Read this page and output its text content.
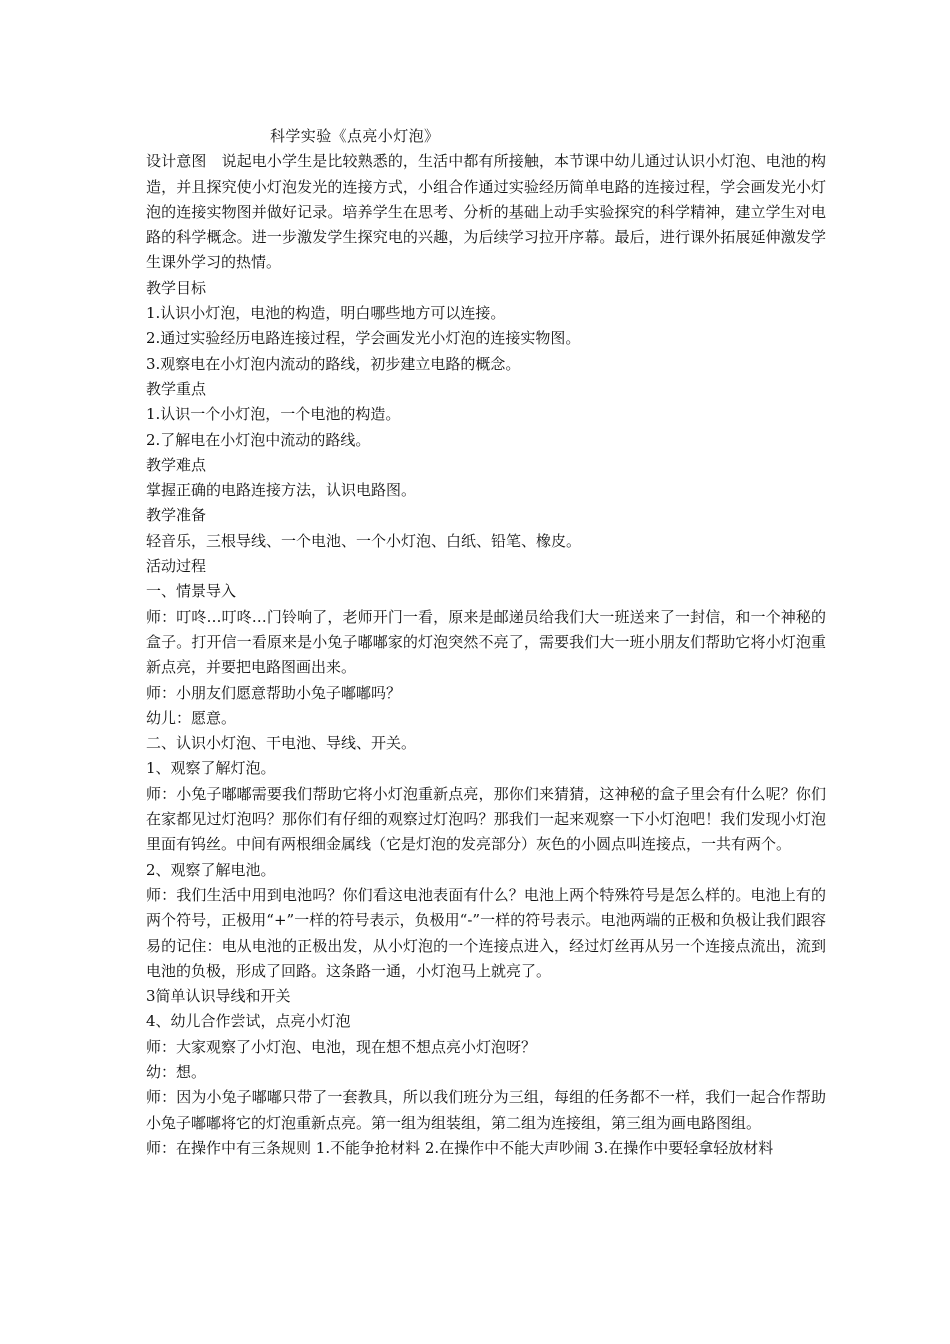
科学实验《点亮小灯泡》

设计意图　说起电小学生是比较熟悉的，生活中都有所接触，本节课中幼儿通过认识小灯泡、电池的构造，并且探究使小灯泡发光的连接方式，小组合作通过实验经历简单电路的连接过程，学会画发光小灯泡的连接实物图并做好记录。培养学生在思考、分析的基础上动手实验探究的科学精神，建立学生对电路的科学概念。进一步激发学生探究电的兴趣，为后续学习拉开序幕。最后，进行课外拓展延伸激发学生课外学习的热情。

教学目标
1.认识小灯泡，电池的构造，明白哪些地方可以连接。
2.通过实验经历电路连接过程，学会画发光小灯泡的连接实物图。
3.观察电在小灯泡内流动的路线，初步建立电路的概念。
教学重点
1.认识一个小灯泡，一个电池的构造。
2.了解电在小灯泡中流动的路线。
教学难点
掌握正确的电路连接方法，认识电路图。
教学准备
轻音乐，三根导线、一个电池、一个小灯泡、白纸、铅笔、橡皮。
活动过程
一、情景导入

师：叮咚…叮咚…门铃响了，老师开门一看，原来是邮递员给我们大一班送来了一封信，和一个神秘的盒子。打开信一看原来是小兔子嘟嘟家的灯泡突然不亮了，需要我们大一班小朋友们帮助它将小灯泡重新点亮，并要把电路图画出来。

师：小朋友们愿意帮助小兔子嘟嘟吗？
幼儿：愿意。
二、认识小灯泡、干电池、导线、开关。
1、观察了解灯泡。

师：小兔子嘟嘟需要我们帮助它将小灯泡重新点亮，那你们来猜猜，这神秘的盒子里会有什么呢？你们在家都见过灯泡吗？那你们有仔细的观察过灯泡吗？那我们一起来观察一下小灯泡吧！我们发现小灯泡里面有钨丝。中间有两根细金属线（它是灯泡的发亮部分）灰色的小圆点叫连接点，一共有两个。

2、观察了解电池。

师：我们生活中用到电池吗？你们看这电池表面有什么？电池上两个特殊符号是怎么样的。电池上有的两个符号，正极用“+”一样的符号表示，负极用“-”一样的符号表示。电池两端的正极和负极让我们跟容易的记住：电从电池的正极出发，从小灯泡的一个连接点进入，经过灯丝再从另一个连接点流出，流到电池的负极，形成了回路。这条路一通，小灯泡马上就亮了。

3简单认识导线和开关
4、幼儿合作尝试，点亮小灯泡
师：大家观察了小灯泡、电池，现在想不想点亮小灯泡呀？
幼：想。

师：因为小兔子嘟嘟只带了一套教具，所以我们班分为三组，每组的任务都不一样，我们一起合作帮助小兔子嘟嘟将它的灯泡重新点亮。第一组为组装组，第二组为连接组，第三组为画电路图组。

师：在操作中有三条规则 1.不能争抢材料 2.在操作中不能大声吵闹 3.在操作中要轻拿轻放材料
